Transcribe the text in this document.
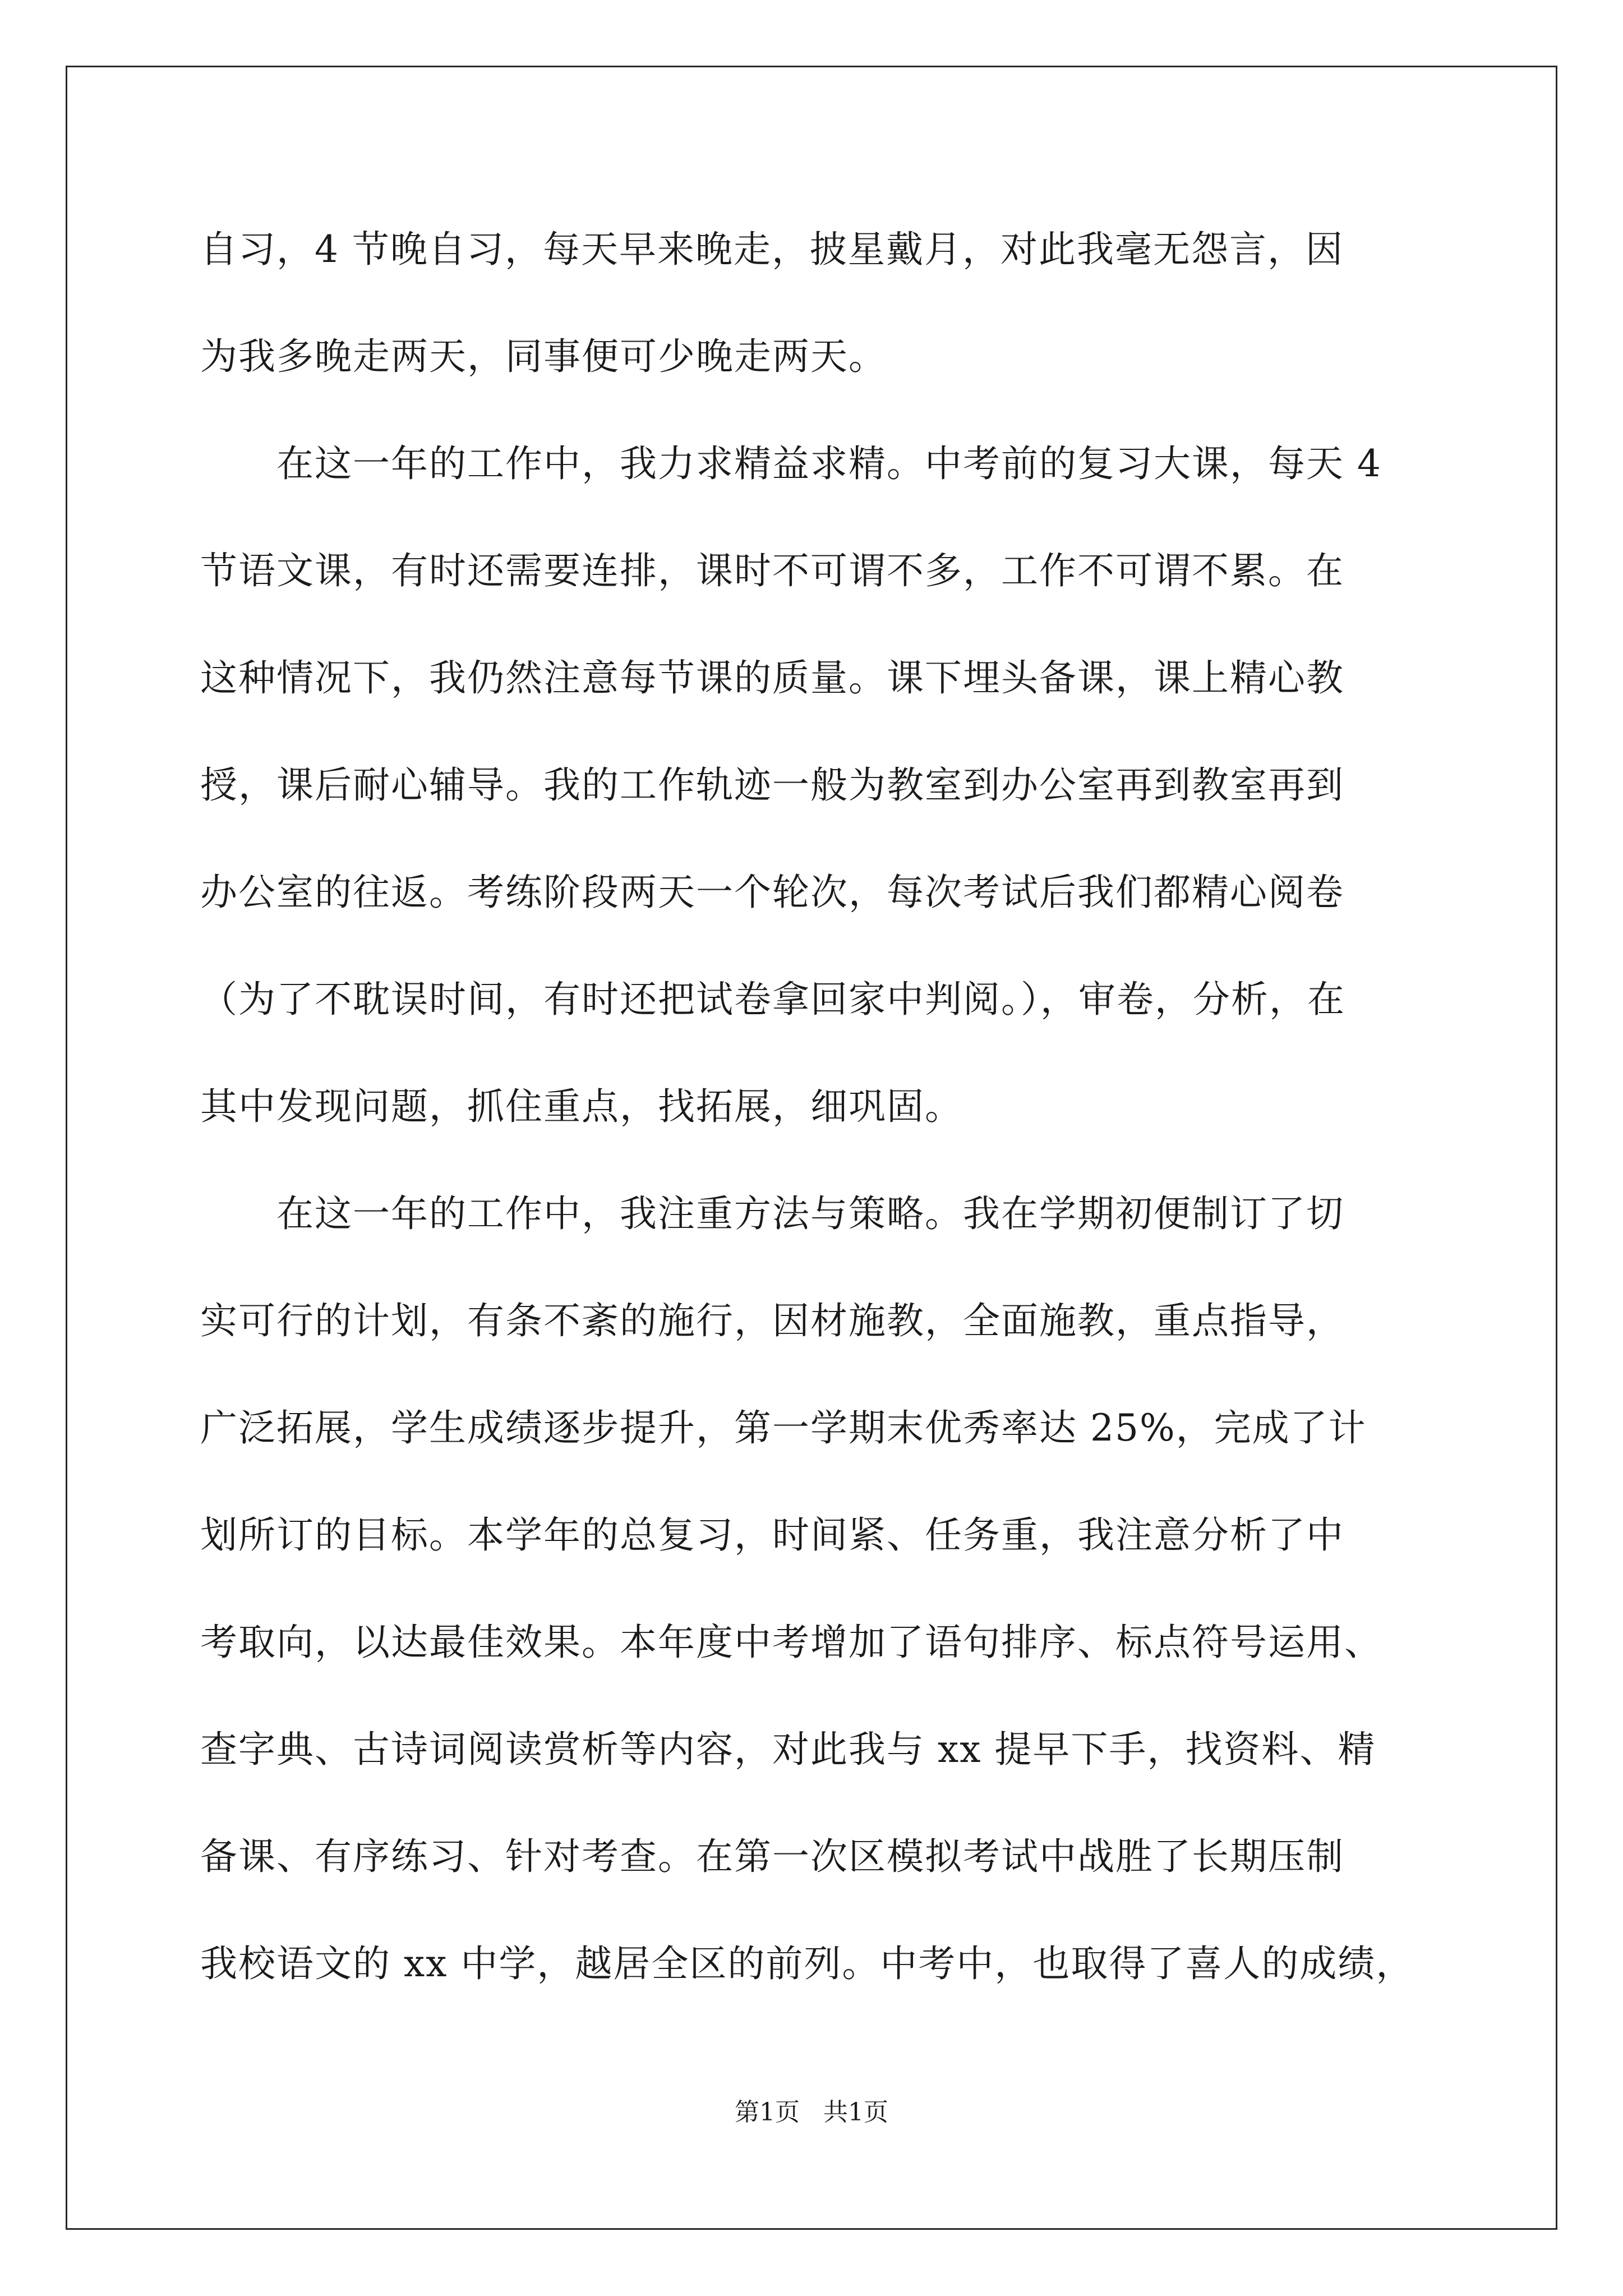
自习，4 节晚自习，每天早来晚走，披星戴月，对此我毫无怨言，因
为我多晚走两天，同事便可少晚走两天。
　　在这一年的工作中，我力求精益求精。中考前的复习大课，每天 4
节语文课，有时还需要连排，课时不可谓不多，工作不可谓不累。在
这种情况下，我仍然注意每节课的质量。课下埋头备课，课上精心教
授，课后耐心辅导。我的工作轨迹一般为教室到办公室再到教室再到
办公室的往返。考练阶段两天一个轮次，每次考试后我们都精心阅卷
（为了不耽误时间，有时还把试卷拿回家中判阅。），审卷，分析，在
其中发现问题，抓住重点，找拓展，细巩固。
　　在这一年的工作中，我注重方法与策略。我在学期初便制订了切
实可行的计划，有条不紊的施行，因材施教，全面施教，重点指导，
广泛拓展，学生成绩逐步提升，第一学期末优秀率达 25%，完成了计
划所订的目标。本学年的总复习，时间紧、任务重，我注意分析了中
考取向，以达最佳效果。本年度中考增加了语句排序、标点符号运用、
查字典、古诗词阅读赏析等内容，对此我与 xx 提早下手，找资料、精
备课、有序练习、针对考查。在第一次区模拟考试中战胜了长期压制
我校语文的 xx 中学，越居全区的前列。中考中，也取得了喜人的成绩，
第1页   共1页
